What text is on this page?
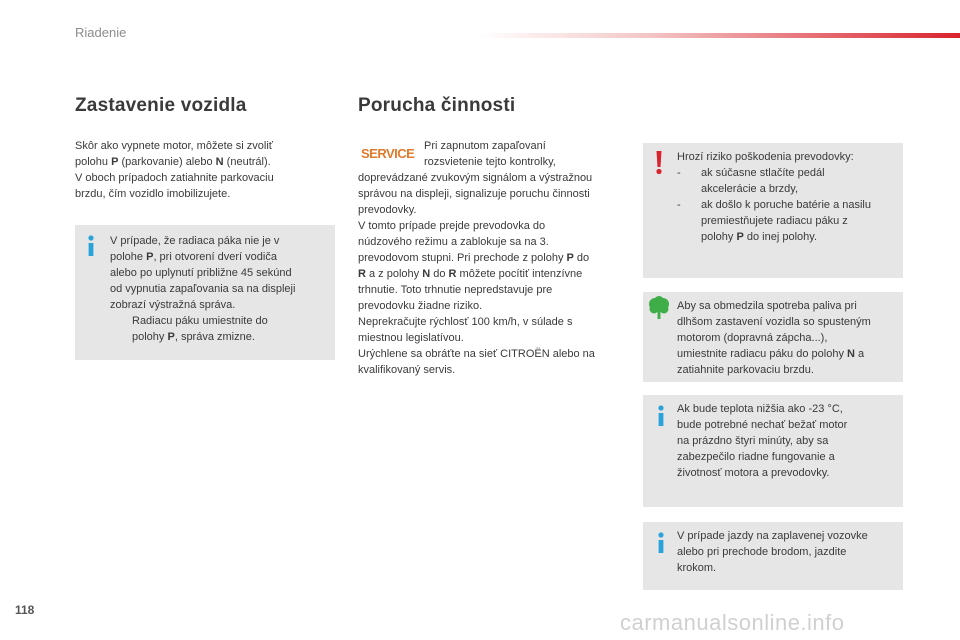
Riadenie
Zastavenie vozidla
Skôr ako vypnete motor, môžete si zvoliť
polohu P (parkovanie) alebo N (neutrál).
V oboch prípadoch zatiahnite parkovaciu
brzdu, čím vozidlo imobilizujete.
V prípade, že radiaca páka nie je v
polohe P, pri otvorení dverí vodiča
alebo po uplynutí približne 45 sekúnd
od vypnutia zapaľovania sa na displeji
zobrazí výstražná správa.
Radiacu páku umiestnite do
polohy P, správa zmizne.
Porucha činnosti
SERVICE Pri zapnutom zapaľovaní
rozsvietenie tejto kontrolky,
doprevádzané zvukovým signálom a výstražnou
správou na displeji, signalizuje poruchu činnosti
prevodovky.
V tomto prípade prejde prevodovka do
núdzového režimu a zablokuje sa na 3.
prevodovom stupni. Pri prechode z polohy P do
R a z polohy N do R môžete pocítiť intenzívne
trhnutie. Toto trhnutie nepredstavuje pre
prevodovku žiadne riziko.
Neprekračujte rýchlosť 100 km/h, v súlade s
miestnou legislatívou.
Urýchlene sa obráťte na sieť CITROËN alebo na
kvalifikovaný servis.
Hrozí riziko poškodenia prevodovky:
- ak súčasne stlačíte pedál
akcelerácie a brzdy,
- ak došlo k poruche batérie a nasilu
premiestňujete radiacu páku z
polohy P do inej polohy.
Aby sa obmedzila spotreba paliva pri
dlhšom zastavení vozidla so spusteným
motorom (dopravná zápcha...),
umiestnite radiacu páku do polohy N a
zatiahnite parkovaciu brzdu.
Ak bude teplota nižšia ako -23 °C,
bude potrebné nechať bežať motor
na prázdno štyri minúty, aby sa
zabezpečilo riadne fungovanie a
životnosť motora a prevodovky.
V prípade jazdy na zaplavenej vozovke
alebo pri prechode brodom, jazdite
krokom.
118	carmanualsonline.info
